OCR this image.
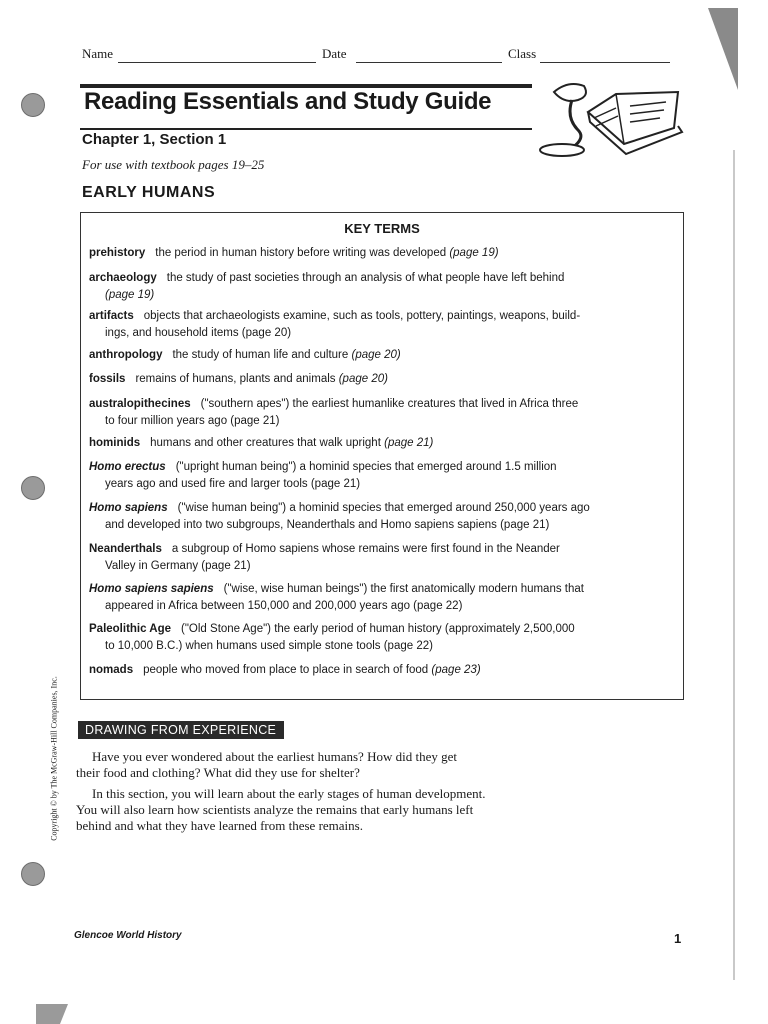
Name	Date	Class
Reading Essentials and Study Guide
Chapter 1, Section 1
For use with textbook pages 19–25
EARLY HUMANS
KEY TERMS
prehistory the period in human history before writing was developed (page 19)
archaeology the study of past societies through an analysis of what people have left behind
(page 19)
artifacts objects that archaeologists examine, such as tools, pottery, paintings, weapons, build-
ings, and household items (page 20)
anthropology the study of human life and culture (page 20)
fossils remains of humans, plants and animals (page 20)
australopithecines ("southern apes") the earliest humanlike creatures that lived in Africa three
to four million years ago (page 21)
hominids humans and other creatures that walk upright (page 21)
Homo erectus ("upright human being") a hominid species that emerged around 1.5 million
years ago and used fire and larger tools (page 21)
Homo sapiens ("wise human being") a hominid species that emerged around 250,000 years ago
and developed into two subgroups, Neanderthals and Homo sapiens sapiens (page 21)
Neanderthals a subgroup of Homo sapiens whose remains were first found in the Neander
Valley in Germany (page 21)
Homo sapiens sapiens ("wise, wise human beings") the first anatomically modern humans that
appeared in Africa between 150,000 and 200,000 years ago (page 22)
Paleolithic Age ("Old Stone Age") the early period of human history (approximately 2,500,000
to 10,000 B.C.) when humans used simple stone tools (page 22)
nomads people who moved from place to place in search of food (page 23)
DRAWING FROM EXPERIENCE
Have you ever wondered about the earliest humans? How did they get
their food and clothing? What did they use for shelter?
In this section, you will learn about the early stages of human development.
You will also learn how scientists analyze the remains that early humans left
behind and what they have learned from these remains.
Copyright © by The McGraw-Hill Companies, Inc.
Glencoe World History	1
